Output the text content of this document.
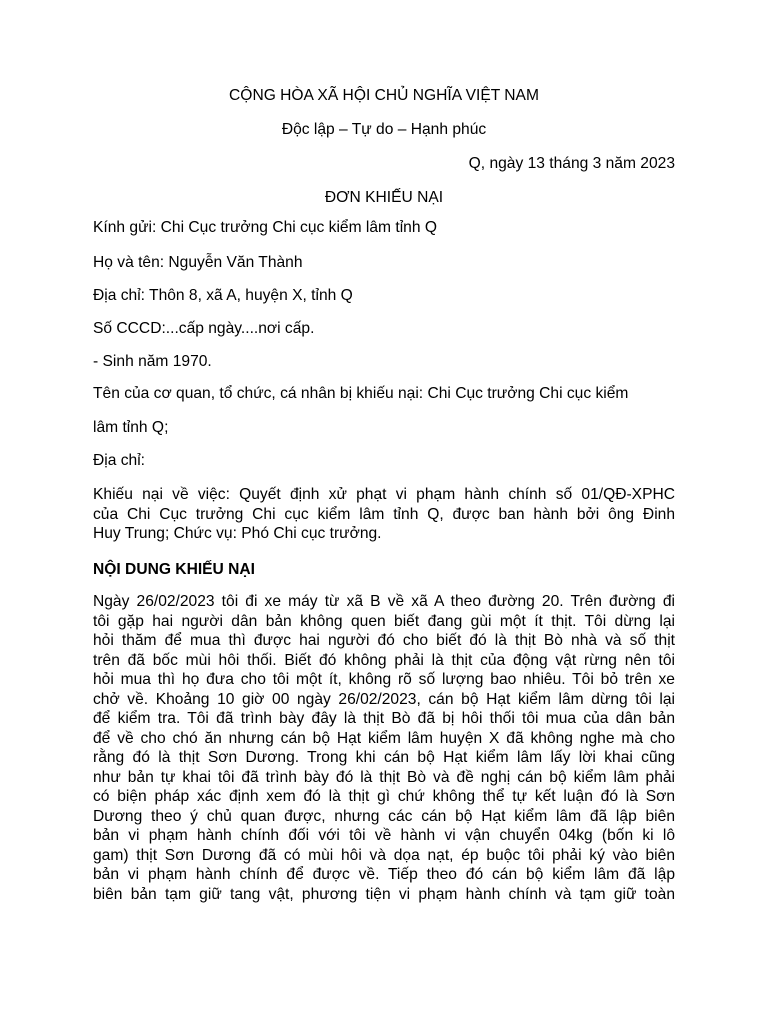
CỘNG HÒA XÃ HỘI CHỦ NGHĨA VIỆT NAM
Độc lập – Tự do – Hạnh phúc
Q, ngày 13 tháng 3 năm 2023
ĐƠN KHIẾU NẠI
Kính gửi: Chi Cục trưởng Chi cục kiểm lâm tỉnh Q
Họ và tên: Nguyễn Văn Thành
Địa chỉ: Thôn 8, xã A, huyện X, tỉnh Q
Số CCCD:...cấp ngày....nơi cấp.
- Sinh năm 1970.
Tên của cơ quan, tổ chức, cá nhân bị khiếu nại: Chi Cục trưởng Chi cục kiểm
lâm tỉnh Q;
Địa chỉ:
Khiếu nại về việc: Quyết định xử phạt vi phạm hành chính số 01/QĐ-XPHC
của Chi Cục trưởng Chi cục kiểm lâm tỉnh Q, được ban hành bởi ông Đinh
Huy Trung; Chức vụ: Phó Chi cục trưởng.
NỘI DUNG KHIẾU NẠI
Ngày 26/02/2023 tôi đi xe máy từ xã B về xã A theo đường 20. Trên đường đi
tôi gặp hai người dân bản không quen biết đang gùi một ít thịt. Tôi dừng lại
hỏi thăm để mua thì được hai người đó cho biết đó là thịt Bò nhà và số thịt
trên đã bốc mùi hôi thối. Biết đó không phải là thịt của động vật rừng nên tôi
hỏi mua thì họ đưa cho tôi một ít, không rõ số lượng bao nhiêu. Tôi bỏ trên xe
chở về. Khoảng 10 giờ 00 ngày 26/02/2023, cán bộ Hạt kiểm lâm dừng tôi lại
để kiểm tra. Tôi đã trình bày đây là thịt Bò đã bị hôi thối tôi mua của dân bản
để về cho chó ăn nhưng cán bộ Hạt kiểm lâm huyện X đã không nghe mà cho
rằng đó là thịt Sơn Dương. Trong khi cán bộ Hạt kiểm lâm lấy lời khai cũng
như bản tự khai tôi đã trình bày đó là thịt Bò và đề nghị cán bộ kiểm lâm phải
có biện pháp xác định xem đó là thịt gì chứ không thể tự kết luận đó là Sơn
Dương theo ý chủ quan được, nhưng các cán bộ Hạt kiểm lâm đã lập biên
bản vi phạm hành chính đối với tôi về hành vi vận chuyển 04kg (bốn ki lô
gam) thịt Sơn Dương đã có mùi hôi và dọa nạt, ép buộc tôi phải ký vào biên
bản vi phạm hành chính để được về. Tiếp theo đó cán bộ kiểm lâm đã lập
biên bản tạm giữ tang vật, phương tiện vi phạm hành chính và tạm giữ toàn
